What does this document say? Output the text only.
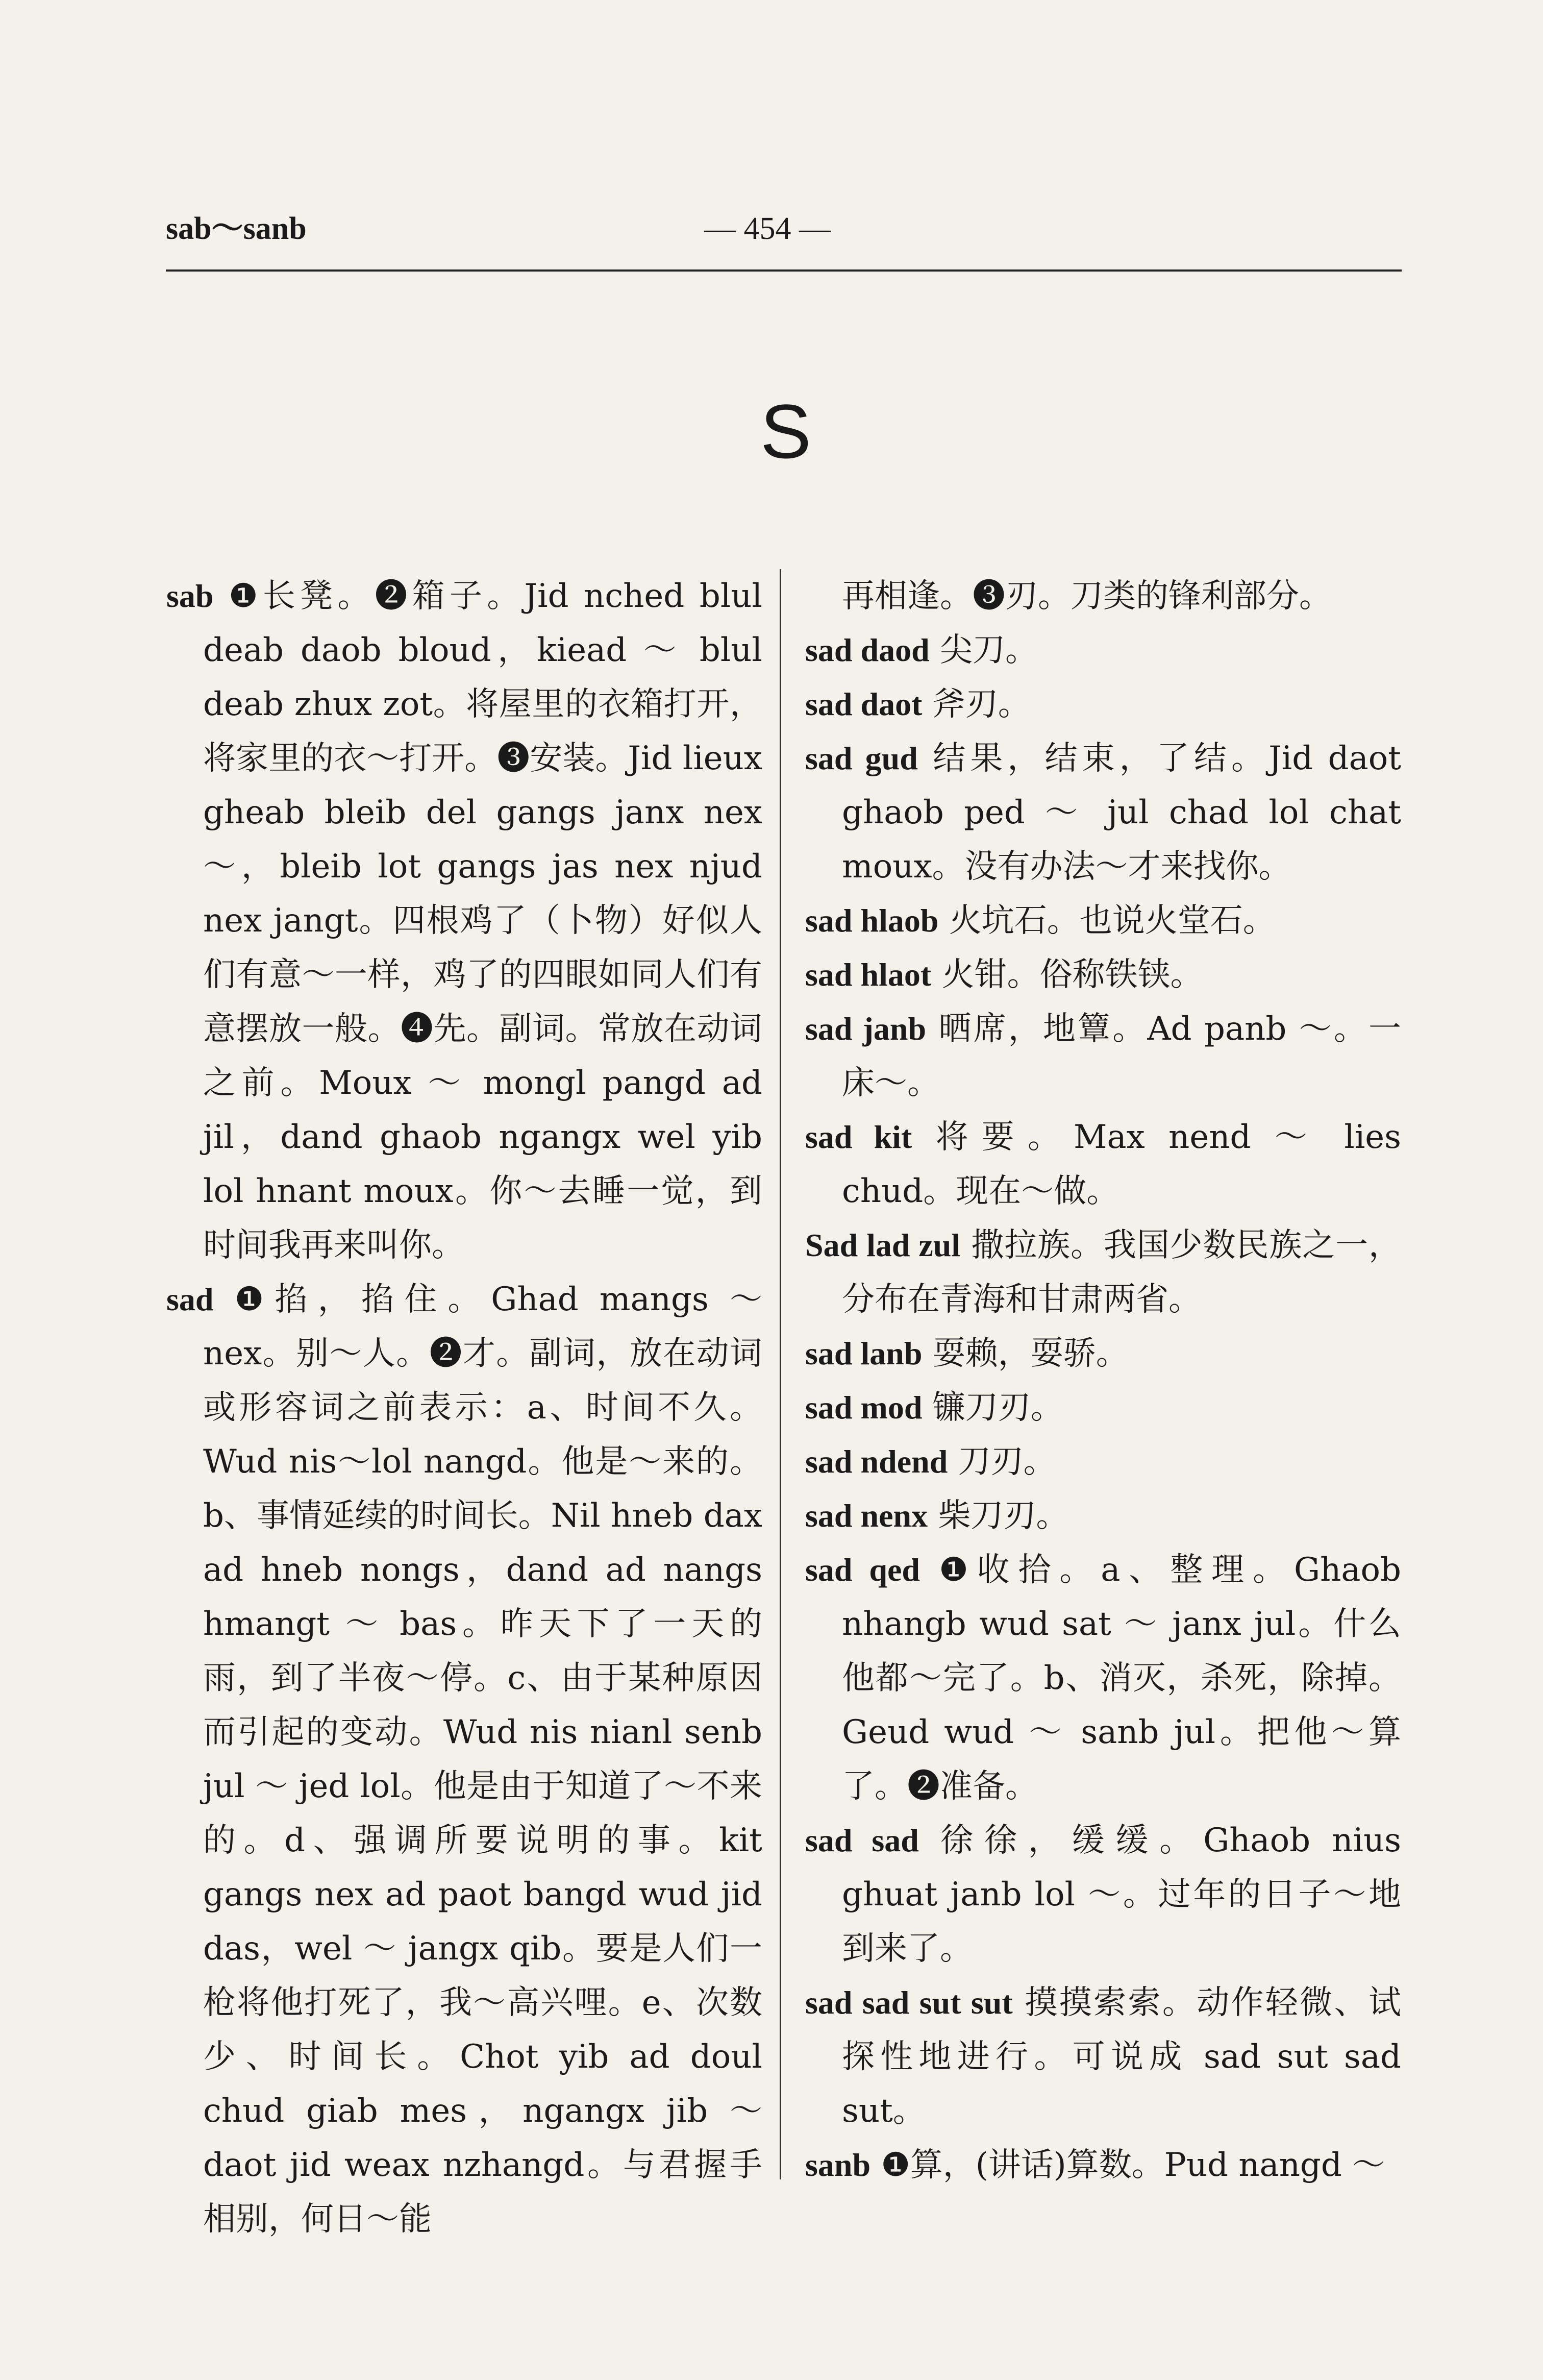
sab～sanb	— 454 —
S
sab ❶长凳。❷箱子。Jid nched blul deab daob bloud，kiead ～ blul deab zhux zot。将屋里的衣箱打开，将家里的衣～打开。❸安装。Jid lieux gheab bleib del gangs janx nex ～，bleib lot gangs jas nex njud nex jangt。四根鸡了（卜物）好似人们有意～一样，鸡了的四眼如同人们有意摆放一般。❹先。副词。常放在动词之前。Moux ～ mongl pangd ad jil，dand ghaob ngangx wel yib lol hnant moux。你～去睡一觉，到时间我再来叫你。
sad ❶掐，掐住。Ghad mangs ～ nex。别～人。❷才。副词，放在动词或形容词之前表示：a、时间不久。Wud nis～lol nangd。他是～来的。b、事情延续的时间长。Nil hneb dax ad hneb nongs，dand ad nangs hmangt ～ bas。昨天下了一天的雨，到了半夜～停。c、由于某种原因而引起的变动。Wud nis nianl senb jul ～ jed lol。他是由于知道了～不来的。d、强调所要说明的事。kit gangs nex ad paot bangd wud jid das，wel ～ jangx qib。要是人们一枪将他打死了，我～高兴哩。e、次数少、时间长。Chot yib ad doul chud giab mes，ngangx jib ～ daot jid weax nzhangd。与君握手相别，何日～能
再相逢。❸刃。刀类的锋利部分。
sad daod 尖刀。
sad daot 斧刃。
sad gud 结果，结束，了结。Jid daot ghaob ped ～ jul chad lol chat moux。没有办法～才来找你。
sad hlaob 火坑石。也说火堂石。
sad hlaot 火钳。俗称铁铗。
sad janb 晒席，地簟。Ad panb ～。一床～。
sad kit 将要。Max nend ～ lies chud。现在～做。
Sad lad zul 撒拉族。我国少数民族之一，分布在青海和甘肃两省。
sad lanb 耍赖，耍骄。
sad mod 镰刀刃。
sad ndend 刀刃。
sad nenx 柴刀刃。
sad qed ❶收拾。a、整理。Ghaob nhangb wud sat ～ janx jul。什么他都～完了。b、消灭，杀死，除掉。Geud wud ～ sanb jul。把他～算了。❷准备。
sad sad 徐徐，缓缓。Ghaob nius ghuat janb lol ～。过年的日子～地到来了。
sad sad sut sut 摸摸索索。动作轻微、试探性地进行。可说成 sad sut sad sut。
sanb ❶算，(讲话)算数。Pud nangd ～
